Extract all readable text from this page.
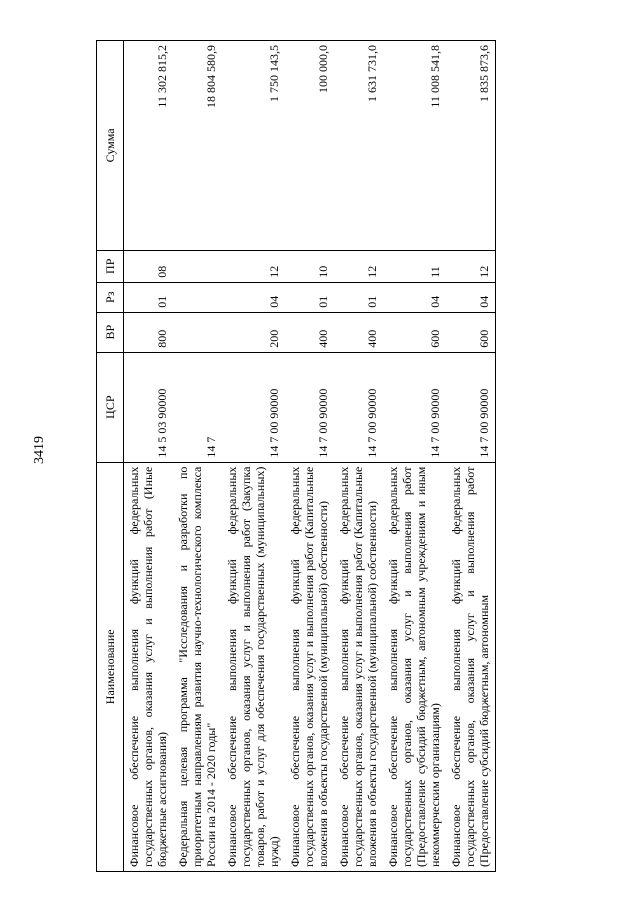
3419
Наименование	ЦСР	ВР	Рз	ПР	Сумма
Финансовое обеспечение выполнения функций федеральных государственных органов, оказания услуг и выполнения работ (Иные бюджетные ассигнования)	14 5 03 90000	800	01	08	11 302 815,2
Федеральная целевая программа "Исследования и разработки по приоритетным направлениям развития научно-технологического комплекса России на 2014 - 2020 годы"	14 7				18 804 580,9
Финансовое обеспечение выполнения функций федеральных государственных органов, оказания услуг и выполнения работ (Закупка товаров, работ и услуг для обеспечения государственных (муниципальных) нужд)	14 7 00 90000	200	04	12	1 750 143,5
Финансовое обеспечение выполнения функций федеральных государственных органов, оказания услуг и выполнения работ (Капитальные вложения в объекты государственной (муниципальной) собственности)	14 7 00 90000	400	01	10	100 000,0
Финансовое обеспечение выполнения функций федеральных государственных органов, оказания услуг и выполнения работ (Капитальные вложения в объекты государственной (муниципальной) собственности)	14 7 00 90000	400	01	12	1 631 731,0
Финансовое обеспечение выполнения функций федеральных государственных органов, оказания услуг и выполнения работ (Предоставление субсидий бюджетным, автономным учреждениям и иным некоммерческим организациям)	14 7 00 90000	600	04	11	11 008 541,8
Финансовое обеспечение выполнения функций федеральных государственных органов, оказания услуг и выполнения работ (Предоставление субсидий бюджетным, автономным	14 7 00 90000	600	04	12	1 835 873,6
